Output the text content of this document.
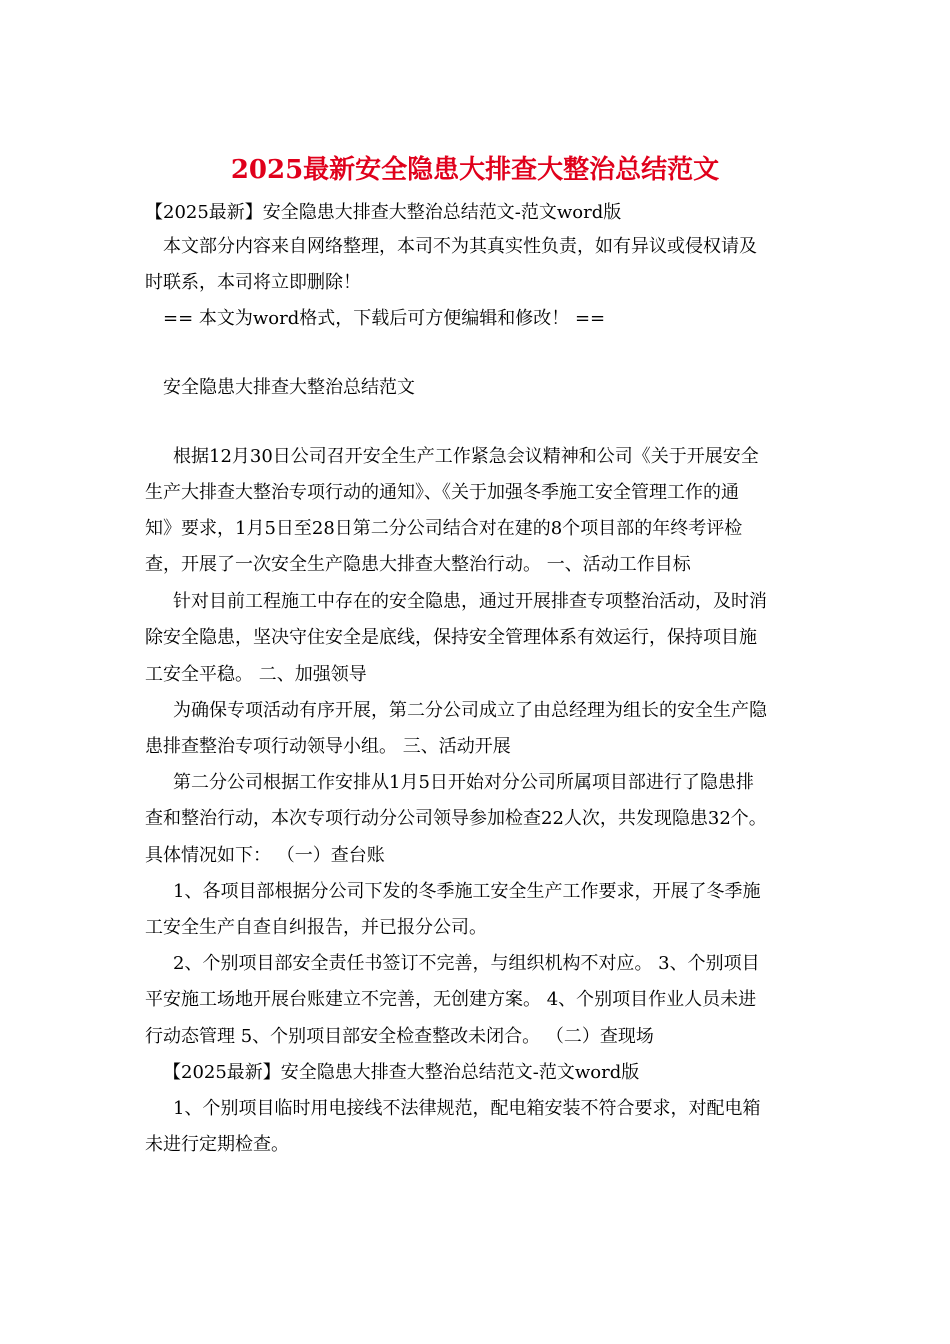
2025最新安全隐患大排查大整治总结范文
【2025最新】安全隐患大排查大整治总结范文-范文word版
本文部分内容来自网络整理，本司不为其真实性负责，如有异议或侵权请及
时联系，本司将立即删除！
== 本文为word格式，下载后可方便编辑和修改！ ==
安全隐患大排查大整治总结范文
根据12月30日公司召开安全生产工作紧急会议精神和公司《关于开展安全
生产大排查大整治专项行动的通知》、《关于加强冬季施工安全管理工作的通
知》要求，1月5日至28日第二分公司结合对在建的8个项目部的年终考评检
查，开展了一次安全生产隐患大排查大整治行动。 一、活动工作目标
针对目前工程施工中存在的安全隐患，通过开展排查专项整治活动，及时消
除安全隐患，坚决守住安全是底线，保持安全管理体系有效运行，保持项目施
工安全平稳。 二、加强领导
为确保专项活动有序开展，第二分公司成立了由总经理为组长的安全生产隐
患排查整治专项行动领导小组。 三、活动开展
第二分公司根据工作安排从1月5日开始对分公司所属项目部进行了隐患排
查和整治行动，本次专项行动分公司领导参加检查22人次，共发现隐患32个。
具体情况如下： （一）查台账
1、各项目部根据分公司下发的冬季施工安全生产工作要求，开展了冬季施
工安全生产自查自纠报告，并已报分公司。
2、个别项目部安全责任书签订不完善，与组织机构不对应。 3、个别项目
平安施工场地开展台账建立不完善，无创建方案。 4、个别项目作业人员未进
行动态管理 5、个别项目部安全检查整改未闭合。 （二）查现场
【2025最新】安全隐患大排查大整治总结范文-范文word版
1、个别项目临时用电接线不法律规范，配电箱安装不符合要求，对配电箱
未进行定期检查。
